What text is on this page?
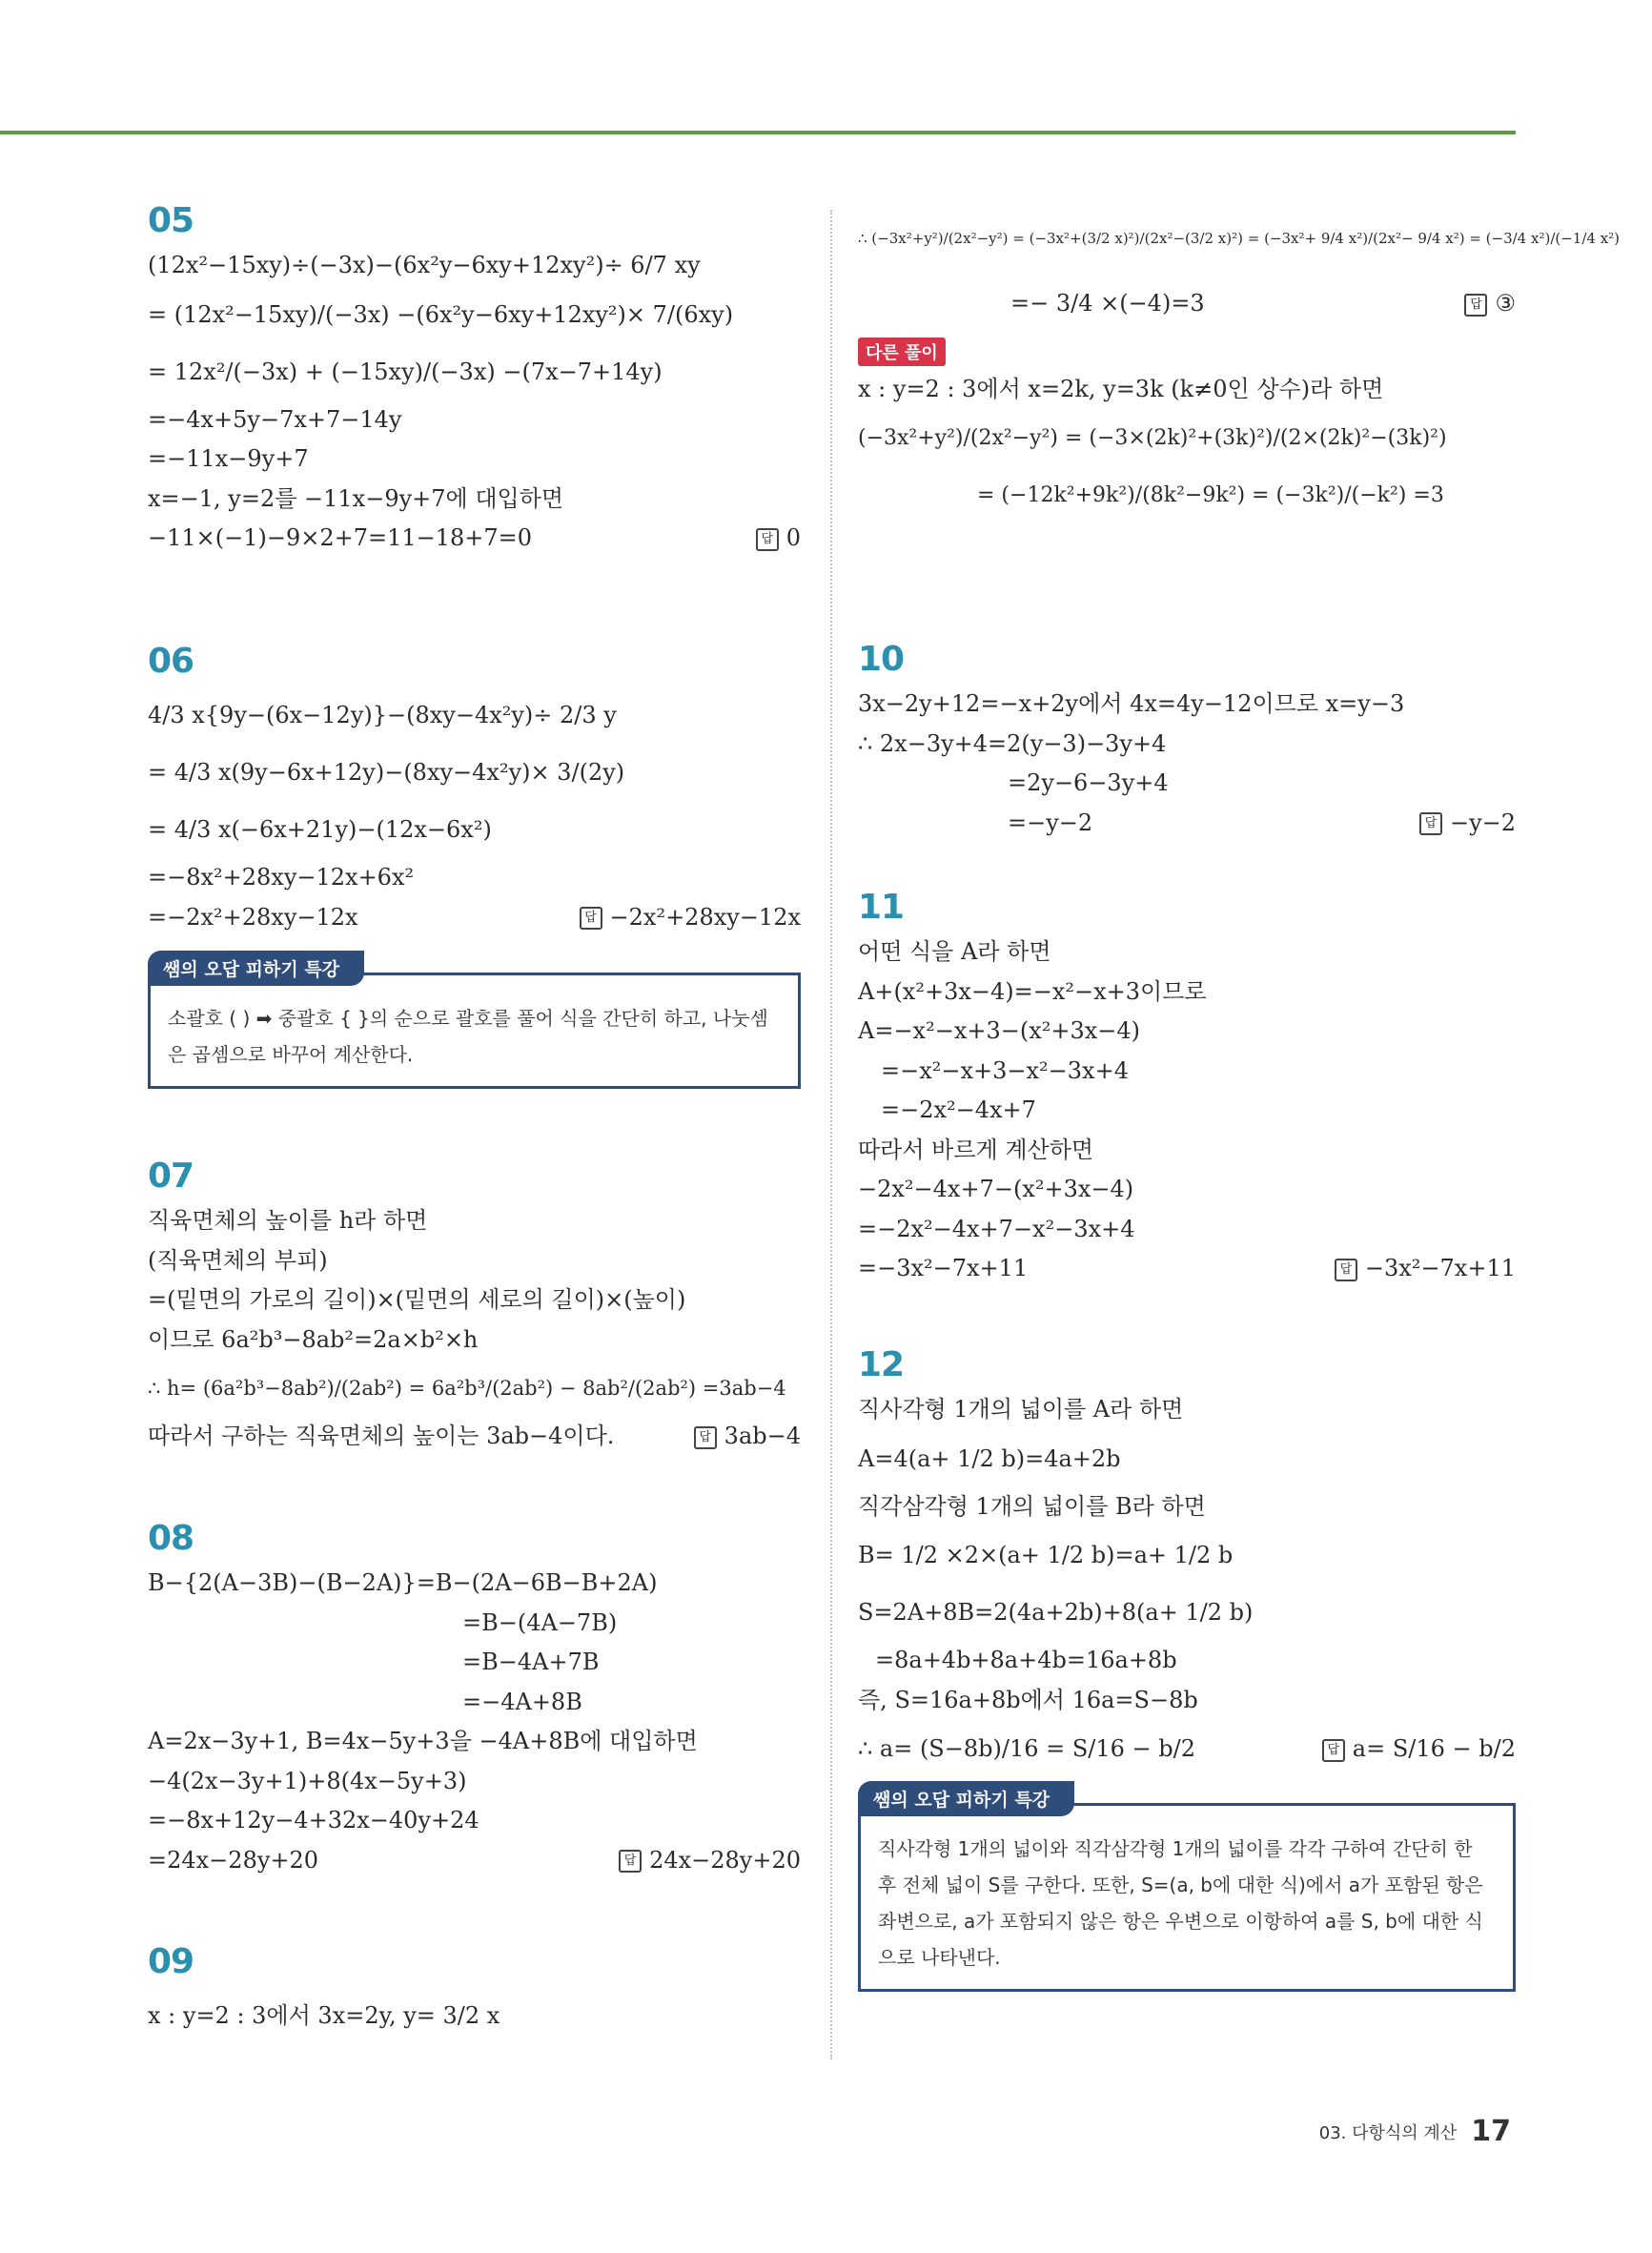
05
(12x²−15xy)÷(−3x)−(6x²y−6xy+12xy²)÷ 6/7 xy
= (12x²−15xy)/(−3x) −(6x²y−6xy+12xy²)× 7/(6xy)
= 12x²/(−3x) + (−15xy)/(−3x) −(7x−7+14y)
=−4x+5y−7x+7−14y
=−11x−9y+7
x=−1, y=2를 −11x−9y+7에 대입하면
−11×(−1)−9×2+7=11−18+7=0	답 0
06
4/3 x{9y−(6x−12y)}−(8xy−4x²y)÷ 2/3 y
= 4/3 x(9y−6x+12y)−(8xy−4x²y)× 3/(2y)
= 4/3 x(−6x+21y)−(12x−6x²)
=−8x²+28xy−12x+6x²
=−2x²+28xy−12x	답 −2x²+28xy−12x
쌤의 오답 피하기 특강
소괄호 ( ) ➡ 중괄호 { }의 순으로 괄호를 풀어 식을 간단히 하고, 나눗셈은 곱셈으로 바꾸어 계산한다.
07
직육면체의 높이를 h라 하면
(직육면체의 부피)
=(밑면의 가로의 길이)×(밑면의 세로의 길이)×(높이)
이므로 6a²b³−8ab²=2a×b²×h
∴ h= (6a²b³−8ab²)/(2ab²) = 6a²b³/(2ab²) − 8ab²/(2ab²) =3ab−4
따라서 구하는 직육면체의 높이는 3ab−4이다.	답 3ab−4
08
B−{2(A−3B)−(B−2A)}=B−(2A−6B−B+2A)
=B−(4A−7B)
=B−4A+7B
=−4A+8B
A=2x−3y+1, B=4x−5y+3을 −4A+8B에 대입하면
−4(2x−3y+1)+8(4x−5y+3)
=−8x+12y−4+32x−40y+24
=24x−28y+20	답 24x−28y+20
09
x : y=2 : 3에서 3x=2y, y= 3/2 x
∴ (−3x²+y²)/(2x²−y²) = (−3x²+(3/2 x)²)/(2x²−(3/2 x)²) = (−3x²+ 9/4 x²)/(2x²− 9/4 x²) = (−3/4 x²)/(−1/4 x²)
=− 3/4 ×(−4)=3	답 ③
다른 풀이
x : y=2 : 3에서 x=2k, y=3k (k≠0인 상수)라 하면
(−3x²+y²)/(2x²−y²) = (−3×(2k)²+(3k)²)/(2×(2k)²−(3k)²)
= (−12k²+9k²)/(8k²−9k²) = (−3k²)/(−k²) =3
10
3x−2y+12=−x+2y에서 4x=4y−12이므로 x=y−3
∴ 2x−3y+4=2(y−3)−3y+4
=2y−6−3y+4
=−y−2	답 −y−2
11
어떤 식을 A라 하면
A+(x²+3x−4)=−x²−x+3이므로
A=−x²−x+3−(x²+3x−4)
=−x²−x+3−x²−3x+4
=−2x²−4x+7
따라서 바르게 계산하면
−2x²−4x+7−(x²+3x−4)
=−2x²−4x+7−x²−3x+4
=−3x²−7x+11	답 −3x²−7x+11
12
직사각형 1개의 넓이를 A라 하면
A=4(a+ 1/2 b)=4a+2b
직각삼각형 1개의 넓이를 B라 하면
B= 1/2 ×2×(a+ 1/2 b)=a+ 1/2 b
S=2A+8B=2(4a+2b)+8(a+ 1/2 b)
=8a+4b+8a+4b=16a+8b
즉, S=16a+8b에서 16a=S−8b
∴ a= (S−8b)/16 = S/16 − b/2	답 a= S/16 − b/2
쌤의 오답 피하기 특강
직사각형 1개의 넓이와 직각삼각형 1개의 넓이를 각각 구하여 간단히 한 후 전체 넓이 S를 구한다. 또한, S=(a, b에 대한 식)에서 a가 포함된 항은 좌변으로, a가 포함되지 않은 항은 우변으로 이항하여 a를 S, b에 대한 식으로 나타낸다.
03. 다항식의 계산 17
